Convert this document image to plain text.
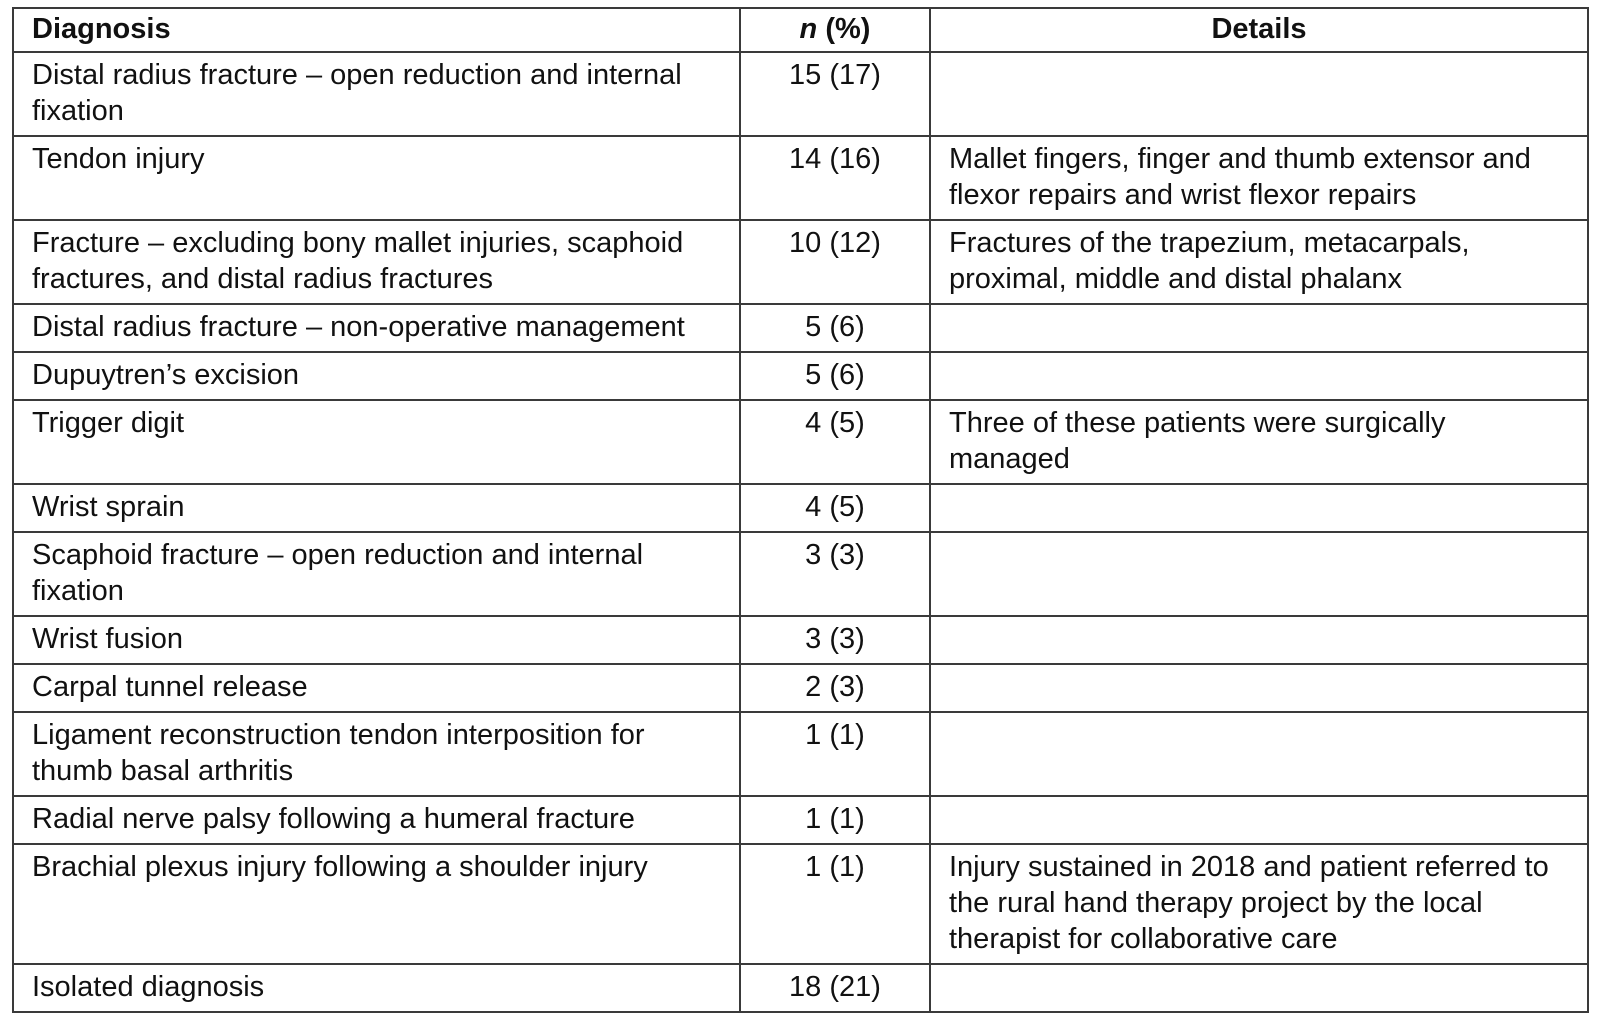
Diagnosis	n (%)	Details
Distal radius fracture – open reduction and internal fixation	15 (17)	
Tendon injury	14 (16)	Mallet fingers, finger and thumb extensor and flexor repairs and wrist flexor repairs
Fracture – excluding bony mallet injuries, scaphoid fractures, and distal radius fractures	10 (12)	Fractures of the trapezium, metacarpals, proximal, middle and distal phalanx
Distal radius fracture – non-operative management	5 (6)	
Dupuytren’s excision	5 (6)	
Trigger digit	4 (5)	Three of these patients were surgically managed
Wrist sprain	4 (5)	
Scaphoid fracture – open reduction and internal fixation	3 (3)	
Wrist fusion	3 (3)	
Carpal tunnel release	2 (3)	
Ligament reconstruction tendon interposition for thumb basal arthritis	1 (1)	
Radial nerve palsy following a humeral fracture	1 (1)	
Brachial plexus injury following a shoulder injury	1 (1)	Injury sustained in 2018 and patient referred to the rural hand therapy project by the local therapist for collaborative care
Isolated diagnosis	18 (21)	
